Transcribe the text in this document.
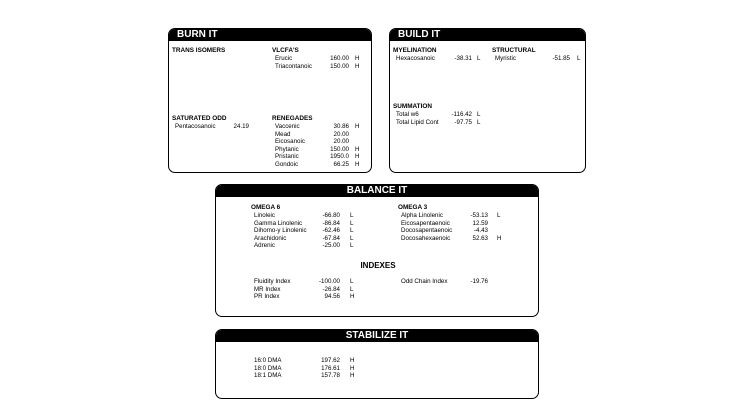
BURN IT
TRANS ISOMERS	VLCFA'S
Erucic	160.00 H
Triacontanoic	150.00 H
SATURATED ODD
Pentacosanoic	24.19
RENEGADES
Vaccenic	30.86 H
Mead	20.00
Eicosanoic	20.00
Phytanic	150.00 H
Pristanic	1950.0 H
Gondoic	66.25 H
BUILD IT
MYELINATION
Hexacosanoic	-38.31 L
STRUCTURAL
Myristic	-51.85 L
SUMMATION
Total w6	-116.42 L
Total Lipid Cont	-97.75 L
BALANCE IT
OMEGA 6
Linoleic	-66.80 L
Gamma Linolenic	-86.84 L
Dihomo-y Linolenic	-62.46 L
Arachidonic	-67.84 L
Adrenic	-25.00 L
OMEGA 3
Alpha Linolenic	-53.13 L
Eicosapentaenoic	12.59
Docosapentaenoic	-4.43
Docosahexaenoic	52.63 H
INDEXES
Fluidity Index	-100.00 L
MR Index	-26.84 L
PR Index	94.56 H
Odd Chain Index	-19.76
STABILIZE IT
16:0 DMA	197.62 H
18:0 DMA	176.61 H
18:1 DMA	157.78 H
